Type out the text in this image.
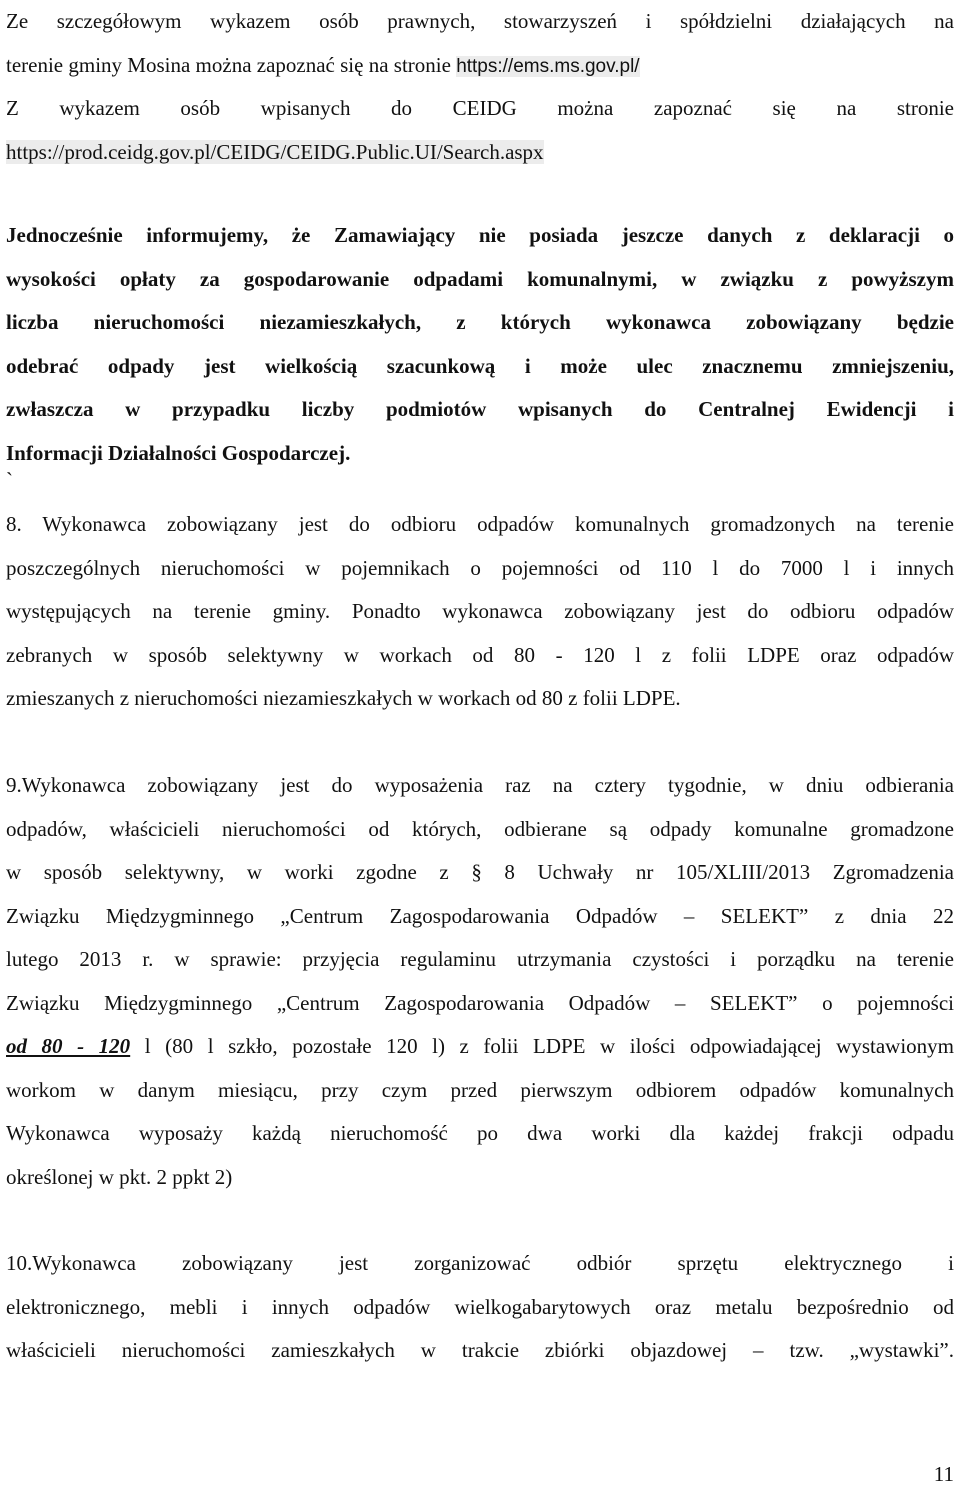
Ze szczegółowym wykazem osób prawnych, stowarzyszeń i spółdzielni działających na
terenie gminy Mosina można zapoznać się na stronie https://ems.ms.gov.pl/
Z wykazem osób wpisanych do CEIDG można zapoznać się na stronie
https://prod.ceidg.gov.pl/CEIDG/CEIDG.Public.UI/Search.aspx
Jednocześnie informujemy, że Zamawiający nie posiada jeszcze danych z deklaracji o
wysokości opłaty za gospodarowanie odpadami komunalnymi, w związku z powyższym
liczba nieruchomości niezamieszkałych, z których wykonawca zobowiązany będzie
odebrać odpady jest wielkością szacunkową i może ulec znacznemu zmniejszeniu,
zwłaszcza w przypadku liczby podmiotów wpisanych do Centralnej Ewidencji i
Informacji Działalności Gospodarczej.
`
8. Wykonawca zobowiązany jest do odbioru odpadów komunalnych gromadzonych na terenie
poszczególnych nieruchomości w pojemnikach o pojemności od 110 l do 7000 l i innych
występujących na terenie gminy. Ponadto wykonawca zobowiązany jest do odbioru odpadów
zebranych w sposób selektywny w workach od 80 - 120 l z folii LDPE oraz odpadów
zmieszanych z nieruchomości niezamieszkałych w workach od 80 z folii LDPE.
9.Wykonawca zobowiązany jest do wyposażenia raz na cztery tygodnie, w dniu odbierania
odpadów, właścicieli nieruchomości od których, odbierane są odpady komunalne gromadzone
w sposób selektywny, w worki zgodne z § 8 Uchwały nr 105/XLIII/2013 Zgromadzenia
Związku Międzygminnego „Centrum Zagospodarowania Odpadów – SELEKT” z dnia 22
lutego 2013 r. w sprawie: przyjęcia regulaminu utrzymania czystości i porządku na terenie
Związku Międzygminnego „Centrum Zagospodarowania Odpadów – SELEKT” o pojemności
od 80 - 120 l (80 l szkło, pozostałe 120 l) z folii LDPE w ilości odpowiadającej wystawionym
workom w danym miesiącu, przy czym przed pierwszym odbiorem odpadów komunalnych
Wykonawca wyposaży każdą nieruchomość po dwa worki dla każdej frakcji odpadu
określonej w pkt. 2 ppkt 2)
10.Wykonawca zobowiązany jest zorganizować odbiór sprzętu elektrycznego i
elektronicznego, mebli i innych odpadów wielkogabarytowych oraz metalu bezpośrednio od
właścicieli nieruchomości zamieszkałych w trakcie zbiórki objazdowej – tzw. „wystawki”.
11
